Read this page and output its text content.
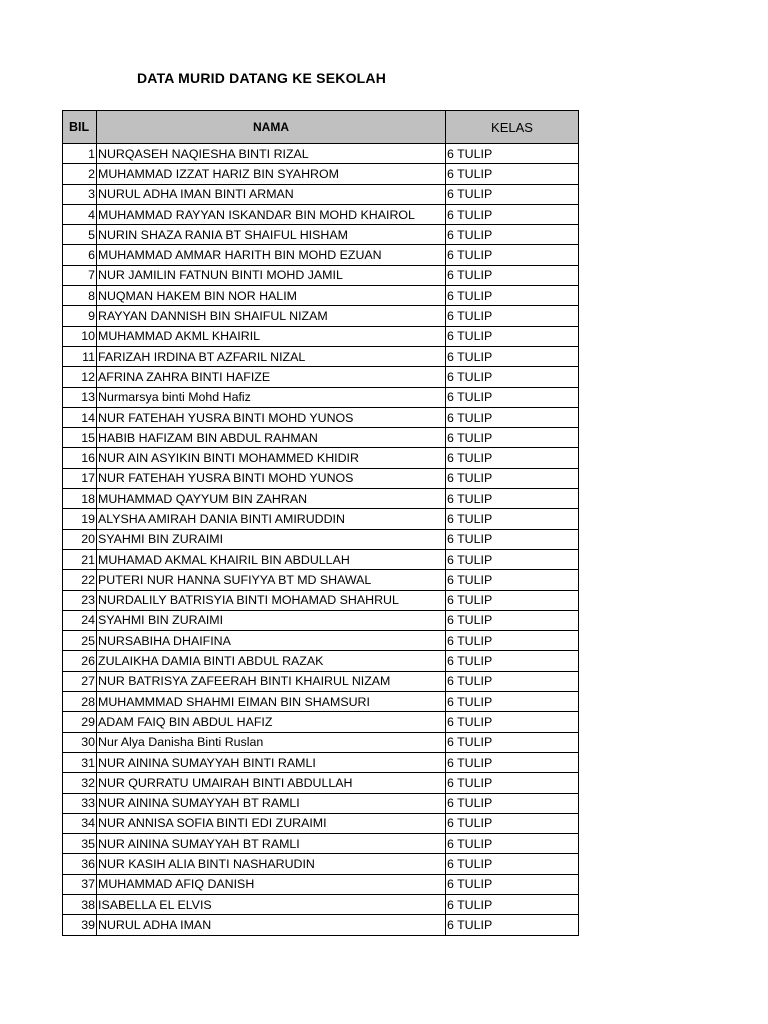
DATA MURID DATANG KE SEKOLAH
BIL	NAMA	KELAS
1	NURQASEH NAQIESHA BINTI RIZAL	6 TULIP
2	MUHAMMAD IZZAT HARIZ BIN SYAHROM	6 TULIP
3	NURUL ADHA IMAN BINTI ARMAN	6 TULIP
4	MUHAMMAD RAYYAN ISKANDAR BIN MOHD KHAIROL	6 TULIP
5	NURIN SHAZA RANIA BT SHAIFUL HISHAM	6 TULIP
6	MUHAMMAD AMMAR HARITH BIN MOHD EZUAN	6 TULIP
7	NUR JAMILIN FATNUN BINTI MOHD JAMIL	6 TULIP
8	NUQMAN HAKEM BIN NOR HALIM	6 TULIP
9	RAYYAN DANNISH BIN SHAIFUL NIZAM	6 TULIP
10	MUHAMMAD AKML KHAIRIL	6 TULIP
11	FARIZAH IRDINA BT AZFARIL NIZAL	6 TULIP
12	AFRINA ZAHRA BINTI HAFIZE	6 TULIP
13	Nurmarsya binti Mohd Hafiz	6 TULIP
14	NUR FATEHAH YUSRA BINTI MOHD YUNOS	6 TULIP
15	HABIB HAFIZAM BIN ABDUL RAHMAN	6 TULIP
16	NUR AIN ASYIKIN BINTI MOHAMMED KHIDIR	6 TULIP
17	NUR FATEHAH YUSRA BINTI MOHD YUNOS	6 TULIP
18	MUHAMMAD QAYYUM BIN ZAHRAN	6 TULIP
19	ALYSHA AMIRAH DANIA BINTI AMIRUDDIN	6 TULIP
20	SYAHMI BIN ZURAIMI	6 TULIP
21	MUHAMAD AKMAL KHAIRIL BIN ABDULLAH	6 TULIP
22	PUTERI NUR HANNA SUFIYYA BT MD SHAWAL	6 TULIP
23	NURDALILY BATRISYIA BINTI MOHAMAD SHAHRUL	6 TULIP
24	SYAHMI BIN ZURAIMI	6 TULIP
25	NURSABIHA DHAIFINA	6 TULIP
26	ZULAIKHA DAMIA BINTI ABDUL RAZAK	6 TULIP
27	NUR BATRISYA ZAFEERAH BINTI KHAIRUL NIZAM	6 TULIP
28	MUHAMMMAD SHAHMI EIMAN BIN SHAMSURI	6 TULIP
29	ADAM FAIQ BIN ABDUL HAFIZ	6 TULIP
30	Nur Alya Danisha Binti Ruslan	6 TULIP
31	NUR AININA SUMAYYAH BINTI RAMLI	6 TULIP
32	NUR QURRATU UMAIRAH BINTI ABDULLAH	6 TULIP
33	NUR AININA SUMAYYAH BT RAMLI	6 TULIP
34	NUR ANNISA SOFIA BINTI EDI ZURAIMI	6 TULIP
35	NUR AININA SUMAYYAH BT RAMLI	6 TULIP
36	NUR KASIH ALIA BINTI NASHARUDIN	6 TULIP
37	MUHAMMAD AFIQ DANISH	6 TULIP
38	ISABELLA EL ELVIS	6 TULIP
39	NURUL ADHA IMAN	6 TULIP
